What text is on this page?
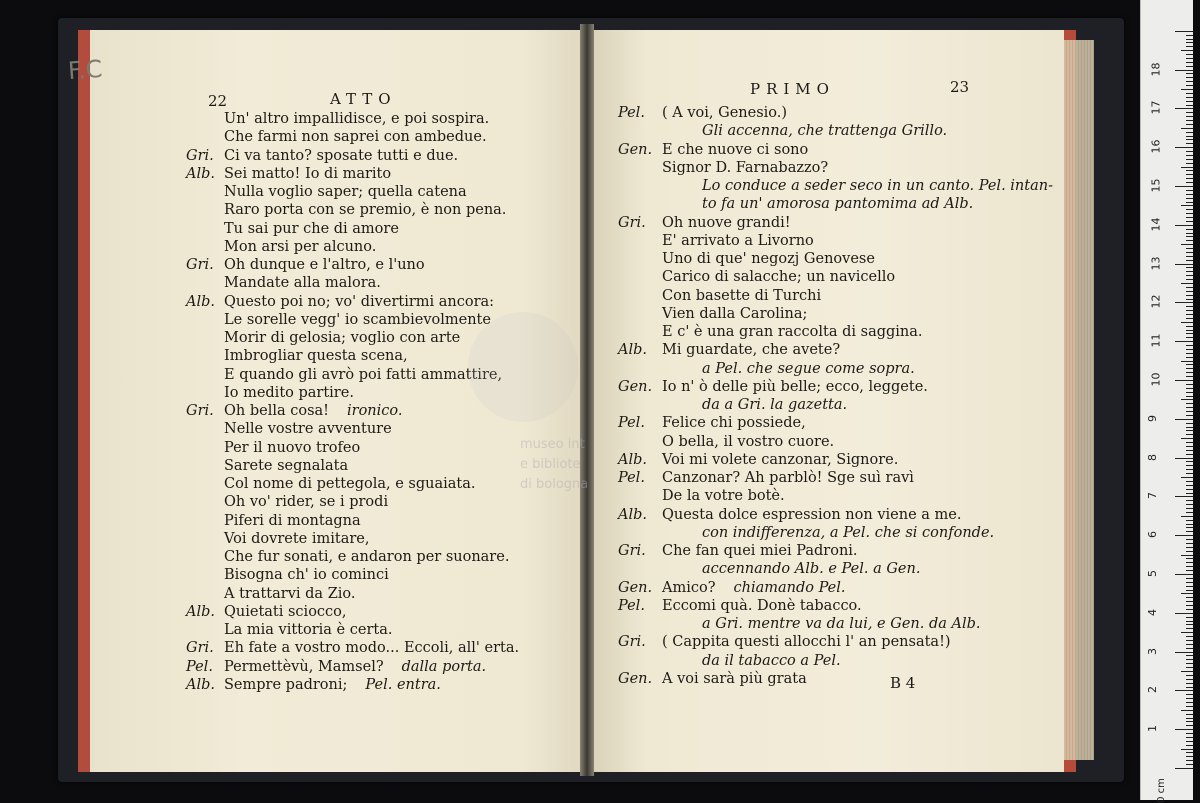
ATTO
22
Un' altro impallidisce, e poi sospira.
Che farmi non saprei con ambedue.
Gri. Ci va tanto? sposate tutti e due.
Alb. Sei matto! Io di marito
Nulla voglio saper; quella catena
Raro porta con se premio, è non pena.
Tu sai pur che di amore
Mon arsi per alcuno.
Gri. Oh dunque e l'altro, e l'uno
Mandate alla malora.
Alb. Questo poi no; vo' divertirmi ancora:
Le sorelle vegg' io scambievolmente
Morir di gelosia; voglio con arte
Imbrogliar questa scena,
E quando gli avrò poi fatti ammattire,
Io medito partire.
Gri. Oh bella cosa! ironico.
Nelle vostre avventure
Per il nuovo trofeo
Sarete segnalata
Col nome di pettegola, e sguaiata.
Oh vo' rider, se i prodi
Piferi di montagna
Voi dovrete imitare,
Che fur sonati, e andaron per suonare.
Bisogna ch' io cominci
A trattarvi da Zio.
Alb. Quietati sciocco,
La mia vittoria è certa.
Gri. Eh fate a vostro modo... Eccoli, all' erta.
Pel. Permettèvù, Mamsel? dalla porta.
Alb. Sempre padroni; Pel. entra.
PRIMO	23
Pel. ( A voi, Genesio.)
Gli accenna, che trattenga Grillo.
Gen. E che nuove ci sono
Signor D. Farnabazzo?
Lo conduce a seder seco in un canto. Pel. intan-
to fa un' amorosa pantomima ad Alb.
Gri. Oh nuove grandi!
E' arrivato a Livorno
Uno di que' negozj Genovese
Carico di salacche; un navicello
Con basette di Turchi
Vien dalla Carolina;
E c' è una gran raccolta di saggina.
Alb. Mi guardate, che avete?
a Pel. che segue come sopra.
Gen. Io n' ò delle più belle; ecco, leggete.
da a Gri. la gazetta.
Pel. Felice chi possiede,
O bella, il vostro cuore.
Alb. Voi mi volete canzonar, Signore.
Pel. Canzonar? Ah parblò! Sge suì ravì
De la votre botè.
Alb. Questa dolce espression non viene a me.
con indifferenza, a Pel. che si confonde.
Gri. Che fan quei miei Padroni.
accennando Alb. e Pel. a Gen.
Gen. Amico? chiamando Pel.
Pel. Eccomi quà. Donè tabacco.
a Gri. mentre va da lui, e Gen. da Alb.
Gri. ( Cappita questi allocchi l' an pensata!)
da il tabacco a Pel.
Gen. A voi sarà più grata	B 4
F.C
museo int
e bibliote
di bologna
0 cm
1
2
3
4
5
6
7
8
9
10
11
12
13
14
15
16
17
18
